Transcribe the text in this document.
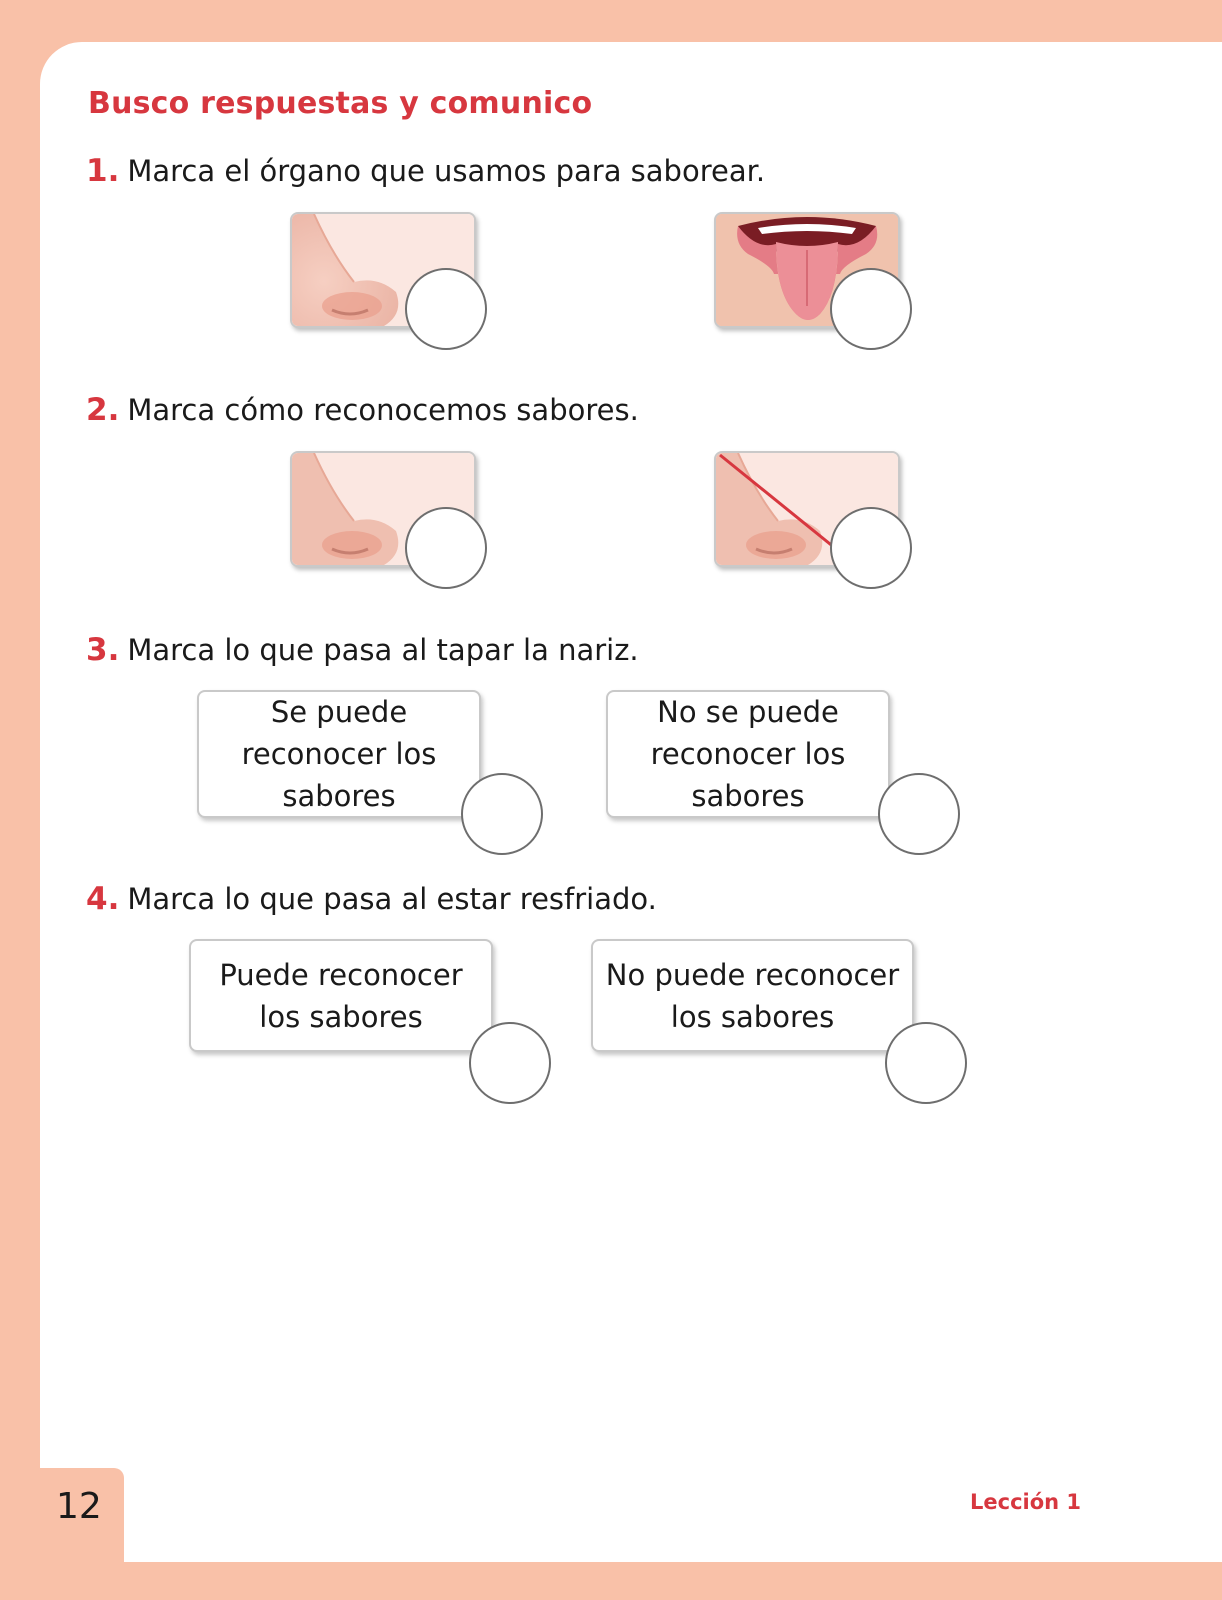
Busco respuestas y comunico
1. Marca el órgano que usamos para saborear.
2. Marca cómo reconocemos sabores.
3. Marca lo que pasa al tapar la nariz.
Se puede reconocer los sabores
No se puede reconocer los sabores
4. Marca lo que pasa al estar resfriado.
Puede reconocer los sabores
No puede reconocer los sabores
12	Lección 1
